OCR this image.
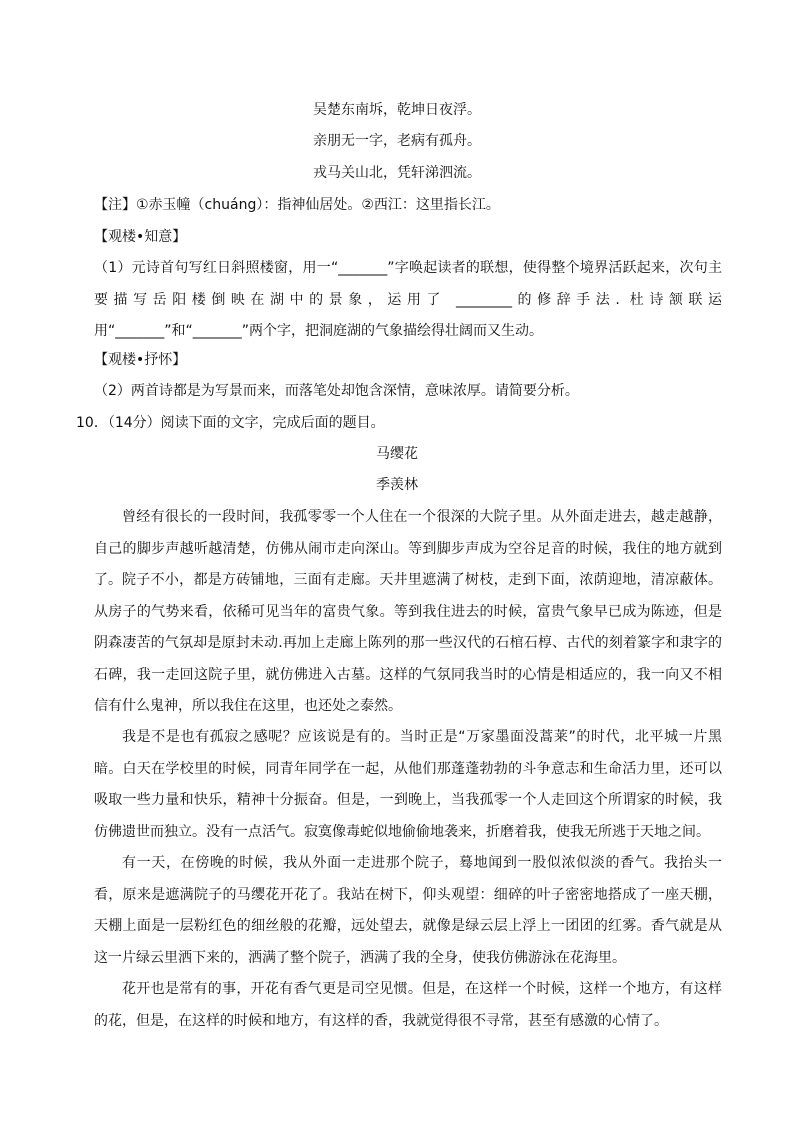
吴楚东南坼，乾坤日夜浮。
亲朋无一字，老病有孤舟。
戎马关山北，凭轩涕泗流。
【注】①赤玉幢（chuáng）：指神仙居处。②西江：这里指长江。
【观楼•知意】
（1）元诗首句写红日斜照楼窗，用一“_______”字唤起读者的联想，使得整个境界活跃起来，次句主要描写岳阳楼倒映在湖中的景象，运用了 ________的修辞手法. 杜诗颔联运用“_______”和“_______”两个字，把洞庭湖的气象描绘得壮阔而又生动。
【观楼•抒怀】
（2）两首诗都是为写景而来，而落笔处却饱含深情，意味浓厚。请简要分析。
10．（14分）阅读下面的文字，完成后面的题目。
马缨花
季羡林
曾经有很长的一段时间，我孤零零一个人住在一个很深的大院子里。从外面走进去，越走越静，自己的脚步声越听越清楚，仿佛从闹市走向深山。等到脚步声成为空谷足音的时候，我住的地方就到了。 院子不小，都是方砖铺地，三面有走廊。天井里遮满了树枝，走到下面，浓荫迎地，清凉蔽体。从房子的气势来看，依稀可见当年的富贵气象。等到我住进去的时候，富贵气象早已成为陈迹，但是阴森凄苦的气氛却是原封未动.再加上走廊上陈列的那一些汉代的石棺石椁、古代的刻着篆字和隶字的石碑，我一走回这院子里，就仿佛进入古墓。这样的气氛同我当时的心情是相适应的，我一向又不相信有什么鬼神，所以我住在这里，也还处之泰然。
我是不是也有孤寂之感呢？应该说是有的。当时正是“万家墨面没蒿莱”的时代，北平城一片黑暗。白天在学校里的时候，同青年同学在一起，从他们那蓬蓬勃勃的斗争意志和生命活力里，还可以吸取一些力量和快乐，精神十分振奋。但是，一到晚上，当我孤零一个人走回这个所谓家的时候，我仿佛遗世而独立。没有一点活气。寂寞像毒蛇似地偷偷地袭来，折磨着我，使我无所逃于天地之间。
有一天，在傍晚的时候，我从外面一走进那个院子，蓦地闻到一股似浓似淡的香气。我抬头一看，原来是遮满院子的马缨花开花了。我站在树下，仰头观望：细碎的叶子密密地搭成了一座天棚，天棚上面是一层粉红色的细丝般的花瓣，远处望去，就像是绿云层上浮上一团团的红雾。香气就是从这一片绿云里洒下来的，洒满了整个院子，洒满了我的全身，使我仿佛游泳在花海里。
花开也是常有的事，开花有香气更是司空见惯。但是，在这样一个时候，这样一个地方，有这样的花，但是，在这样的时候和地方，有这样的香，我就觉得很不寻常，甚至有感激的心情了。
